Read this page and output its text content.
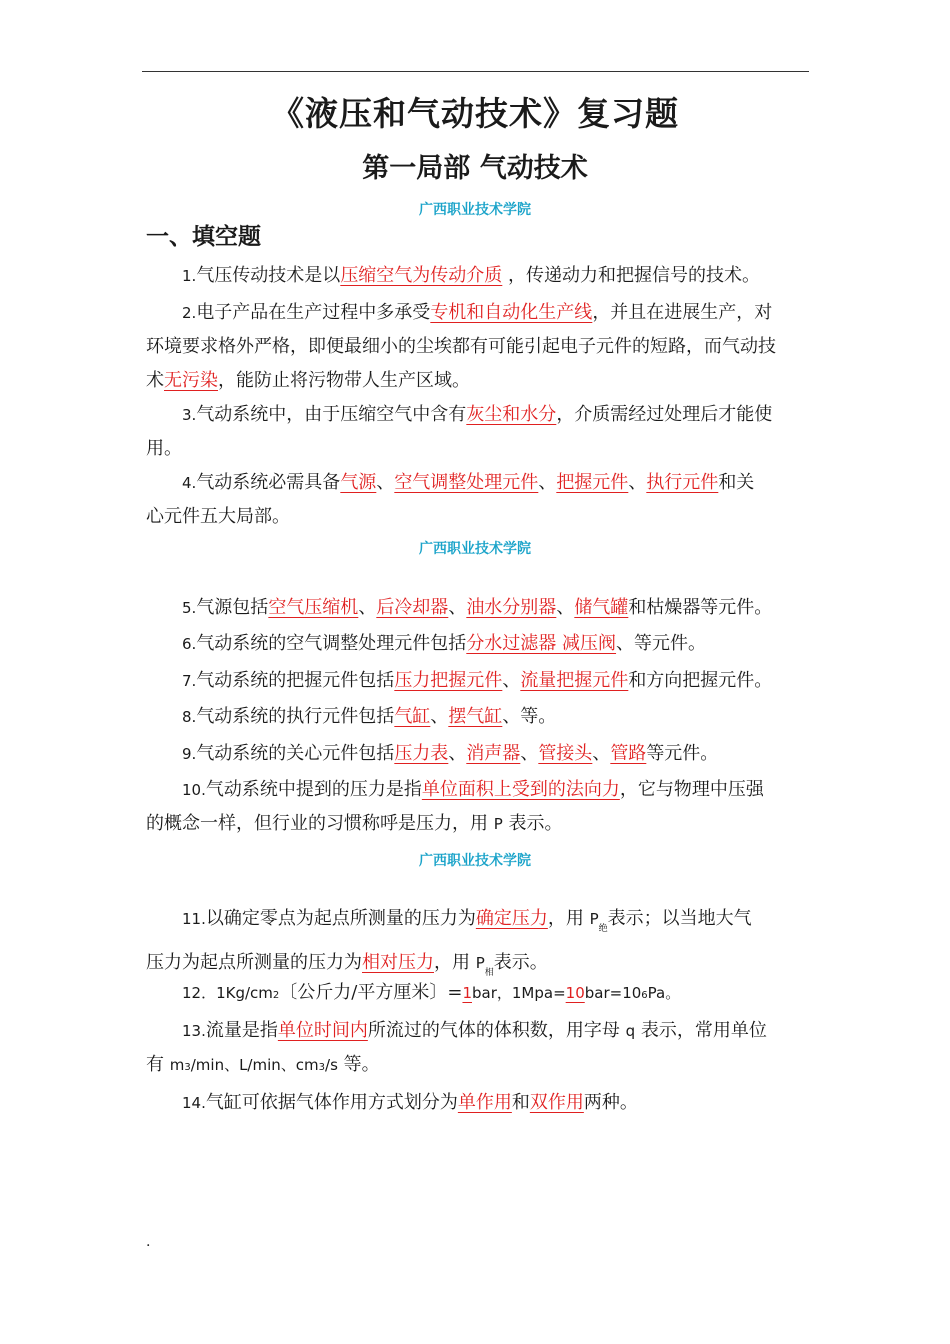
《液压和气动技术》复习题
第一局部 气动技术
广西职业技术学院
一、填空题
1.气压传动技术是以压缩空气为传动介质 ，传递动力和把握信号的技术。
2.电子产品在生产过程中多承受专机和自动化生产线，并且在进展生产，对
环境要求格外严格，即便最细小的尘埃都有可能引起电子元件的短路，而气动技
术无污染，能防止将污物带人生产区域。
3.气动系统中，由于压缩空气中含有灰尘和水分，介质需经过处理后才能使
用。
4.气动系统必需具备气源、空气调整处理元件、把握元件、执行元件和关
心元件五大局部。
广西职业技术学院
5.气源包括空气压缩机、后冷却器、油水分别器、储气罐和枯燥器等元件。
6.气动系统的空气调整处理元件包括分水过滤器 减压阀、等元件。
7.气动系统的把握元件包括压力把握元件、流量把握元件和方向把握元件。
8.气动系统的执行元件包括气缸、摆气缸、等。
9.气动系统的关心元件包括压力表、消声器、管接头、管路等元件。
10.气动系统中提到的压力是指单位面积上受到的法向力，它与物理中压强
的概念一样，但行业的习惯称呼是压力，用 P 表示。
广西职业技术学院
11.以确定零点为起点所测量的压力为确定压力，用 $P_绝$表示；以当地大气
压力为起点所测量的压力为相对压力，用 $P_相$表示。
12．1Kg/cm2〔公斤力/平方厘米〕=1bar，1Mpa=10bar=106Pa。
13.流量是指单位时间内所流过的气体的体积数，用字母 q 表示，常用单位
有 m3/min、L/min、cm3/s 等。
14.气缸可依据气体作用方式划分为单作用和双作用两种。
.
